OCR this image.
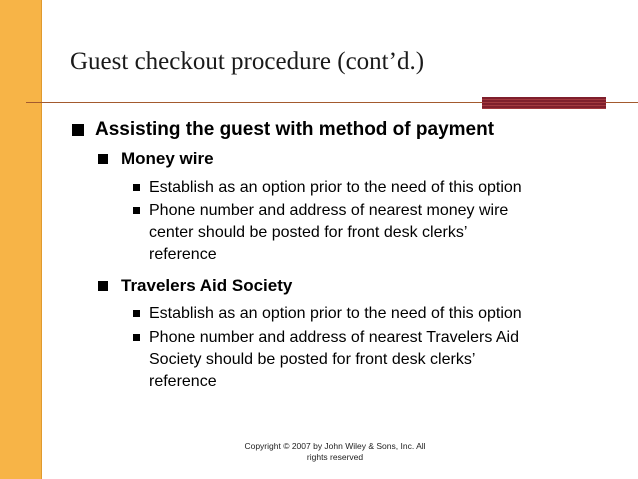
Guest checkout procedure (cont’d.)
Assisting the guest with method of payment
Money wire
Establish as an option prior to the need of this option
Phone number and address of nearest money wire
center should be posted for front desk clerks’
reference
Travelers Aid Society
Establish as an option prior to the need of this option
Phone number and address of nearest Travelers Aid
Society should be posted for front desk clerks’
reference
Copyright © 2007 by John Wiley & Sons, Inc. All
rights reserved
